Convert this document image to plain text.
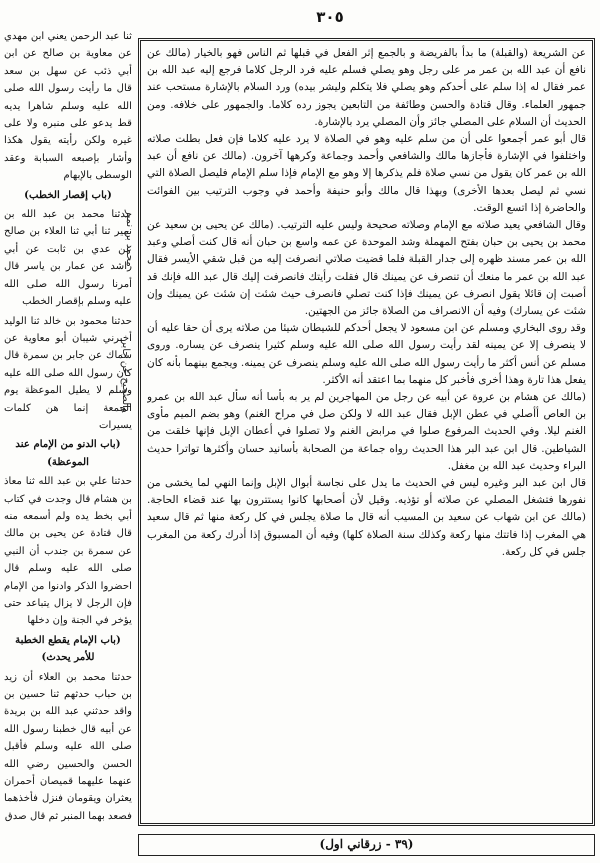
٣٠٥

ثنا عبد الرحمن يعني ابن مهدي عن معاوية بن صالح عن ابن أبي ذئب عن سهل بن سعد قال ما رأيت رسول الله صلى الله عليه وسلم شاهرا يديه قط يدعو على منبره ولا على غيره ولكن رأيته يقول هكذا وأشار بإصبعه السبابة وعقد الوسطى بالإبهام

(باب إقصار الخطب)

حدثنا محمد بن عبد الله بن نمير ثنا أبي ثنا العلاء بن صالح عن عدي بن ثابت عن أبي راشد عن عمار بن ياسر قال أمرنا رسول الله صلى الله عليه وسلم بإقصار الخطب

حدثنا محمود بن خالد ثنا الوليد أخبرني شيبان أبو معاوية عن سماك عن جابر بن سمرة قال كان رسول الله صلى الله عليه وسلم لا يطيل الموعظة يوم الجمعة إنما هن كلمات يسيرات

(باب الدنو من الإمام عند الموعظة)

حدثنا علي بن عبد الله ثنا معاذ بن هشام قال وجدت في كتاب أبي بخط يده ولم أسمعه منه قال قتادة عن يحيى بن مالك عن سمرة بن جندب أن النبي صلى الله عليه وسلم قال احضروا الذكر وادنوا من الإمام فإن الرجل لا يزال يتباعد حتى يؤخر في الجنة وإن دخلها

(باب الإمام يقطع الخطبة للأمر يحدث)

حدثنا محمد بن العلاء أن زيد بن حباب حدثهم ثنا حسين بن واقد حدثني عبد الله بن بريدة عن أبيه قال خطبنا رسول الله صلى الله عليه وسلم فأقبل الحسن والحسين رضي الله عنهما عليهما قميصان أحمران يعثران ويقومان فنزل فأخذهما فصعد بهما المنبر ثم قال صدق

محمد بن نمير
والصحيح عن جابر

عن الشريعة (والقبلة) ما بدأ بالفريضة و بالجمع إثر الفعل في قبلها ثم الناس فهو بالخيار (مالك عن نافع أن عبد الله بن عمر مر على رجل وهو يصلي فسلم عليه فرد الرجل كلاما فرجع إليه عبد الله بن عمر فقال له إذا سلم على أحدكم وهو يصلي فلا يتكلم وليشر بيده) ورد السلام بالإشارة مستحب عند جمهور العلماء. وقال قتادة والحسن وطائفة من التابعين يجوز رده كلاما. والجمهور على خلافه. ومن الحديث أن السلام على المصلي جائز وأن المصلي يرد بالإشارة.

قال أبو عمر أجمعوا على أن من سلم عليه وهو في الصلاة لا يرد عليه كلاما فإن فعل بطلت صلاته واختلفوا في الإشارة فأجازها مالك والشافعي وأحمد وجماعة وكرهها آخرون. (مالك عن نافع أن عبد الله بن عمر كان يقول من نسي صلاة فلم يذكرها إلا وهو مع الإمام فإذا سلم الإمام فليصل الصلاة التي نسي ثم ليصل بعدها الأخرى) وبهذا قال مالك وأبو حنيفة وأحمد في وجوب الترتيب بين الفوائت والحاضرة إذا اتسع الوقت.

وقال الشافعي يعيد صلاته مع الإمام وصلاته صحيحة وليس عليه الترتيب. (مالك عن يحيى بن سعيد عن محمد بن يحيى بن حبان بفتح المهملة وشد الموحدة عن عمه واسع بن حبان أنه قال كنت أصلي وعبد الله بن عمر مسند ظهره إلى جدار القبلة فلما قضيت صلاتي انصرفت إليه من قبل شقي الأيسر فقال عبد الله بن عمر ما منعك أن تنصرف عن يمينك قال فقلت رأيتك فانصرفت إليك قال عبد الله فإنك قد أصبت إن قائلا يقول انصرف عن يمينك فإذا كنت تصلي فانصرف حيث شئت إن شئت عن يمينك وإن شئت عن يسارك) وفيه أن الانصراف من الصلاة جائز من الجهتين.

وقد روى البخاري ومسلم عن ابن مسعود لا يجعل أحدكم للشيطان شيئا من صلاته يرى أن حقا عليه أن لا ينصرف إلا عن يمينه لقد رأيت رسول الله صلى الله عليه وسلم كثيرا ينصرف عن يساره. وروى مسلم عن أنس أكثر ما رأيت رسول الله صلى الله عليه وسلم ينصرف عن يمينه. ويجمع بينهما بأنه كان يفعل هذا تارة وهذا أخرى فأخبر كل منهما بما اعتقد أنه الأكثر.

(مالك عن هشام بن عروة عن أبيه عن رجل من المهاجرين لم ير به بأسا أنه سأل عبد الله بن عمرو بن العاص أأصلي في عطن الإبل فقال عبد الله لا ولكن صل في مراح الغنم) وهو بضم الميم مأوى الغنم ليلا. وفي الحديث المرفوع صلوا في مرابض الغنم ولا تصلوا في أعطان الإبل فإنها خلقت من الشياطين. قال ابن عبد البر هذا الحديث رواه جماعة من الصحابة بأسانيد حسان وأكثرها تواترا حديث البراء وحديث عبد الله بن مغفل.

قال ابن عبد البر وغيره ليس في الحديث ما يدل على نجاسة أبوال الإبل وإنما النهي لما يخشى من نفورها فتشغل المصلي عن صلاته أو تؤذيه. وقيل لأن أصحابها كانوا يستترون بها عند قضاء الحاجة. (مالك عن ابن شهاب عن سعيد بن المسيب أنه قال ما صلاة يجلس في كل ركعة منها ثم قال سعيد هي المغرب إذا فاتتك منها ركعة وكذلك سنة الصلاة كلها) وفيه أن المسبوق إذا أدرك ركعة من المغرب جلس في كل ركعة.

(٣٩ - زرقاني اول)
